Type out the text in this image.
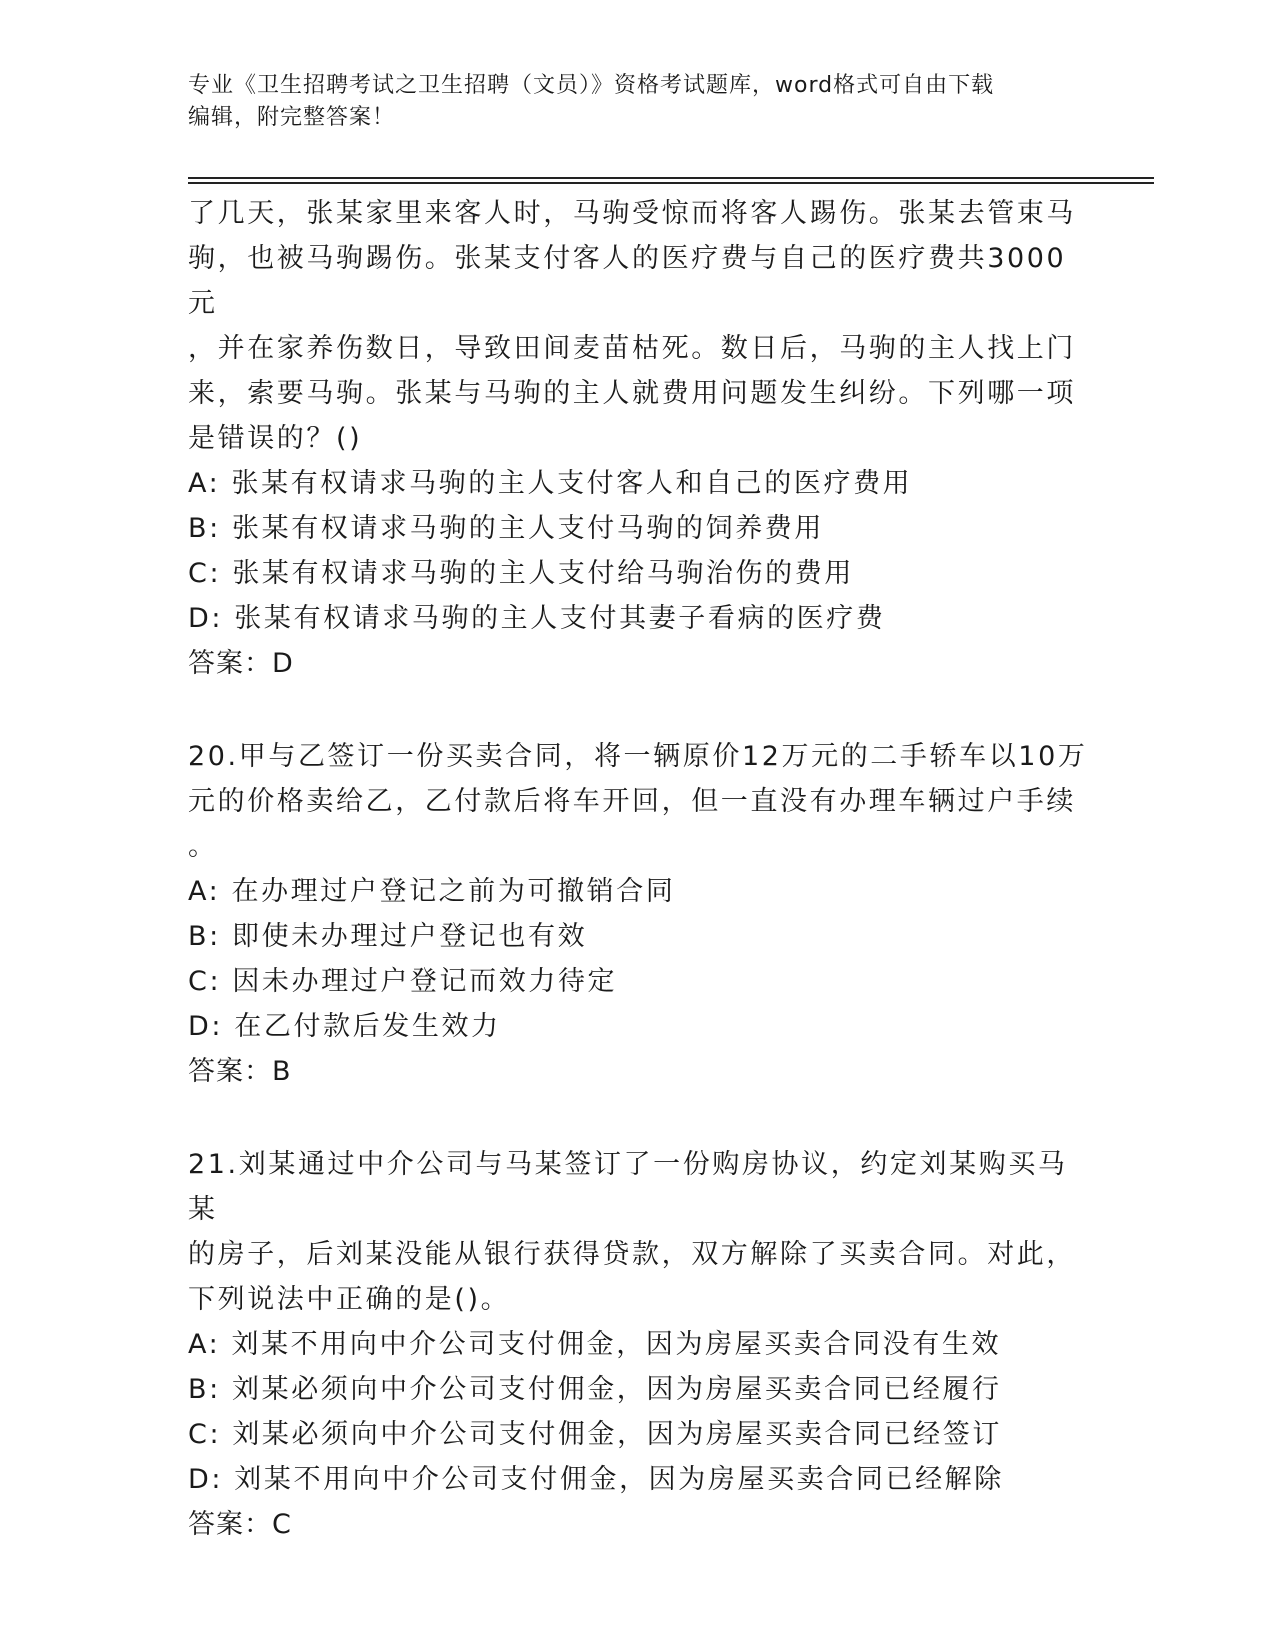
专业《卫生招聘考试之卫生招聘（文员）》资格考试题库，word格式可自由下载
编辑，附完整答案！

了几天，张某家里来客人时，马驹受惊而将客人踢伤。张某去管束马

驹，也被马驹踢伤。张某支付客人的医疗费与自己的医疗费共3000元

，并在家养伤数日，导致田间麦苗枯死。数日后，马驹的主人找上门

来，索要马驹。张某与马驹的主人就费用问题发生纠纷。下列哪一项

是错误的？()

A: 张某有权请求马驹的主人支付客人和自己的医疗费用

B: 张某有权请求马驹的主人支付马驹的饲养费用

C: 张某有权请求马驹的主人支付给马驹治伤的费用

D: 张某有权请求马驹的主人支付其妻子看病的医疗费

答案：D

20.甲与乙签订一份买卖合同，将一辆原价12万元的二手轿车以10万

元的价格卖给乙，乙付款后将车开回，但一直没有办理车辆过户手续

。

A: 在办理过户登记之前为可撤销合同

B: 即使未办理过户登记也有效

C: 因未办理过户登记而效力待定

D: 在乙付款后发生效力

答案：B

21.刘某通过中介公司与马某签订了一份购房协议，约定刘某购买马某

的房子，后刘某没能从银行获得贷款，双方解除了买卖合同。对此，

下列说法中正确的是()。

A: 刘某不用向中介公司支付佣金，因为房屋买卖合同没有生效

B: 刘某必须向中介公司支付佣金，因为房屋买卖合同已经履行

C: 刘某必须向中介公司支付佣金，因为房屋买卖合同已经签订

D: 刘某不用向中介公司支付佣金，因为房屋买卖合同已经解除

答案：C
